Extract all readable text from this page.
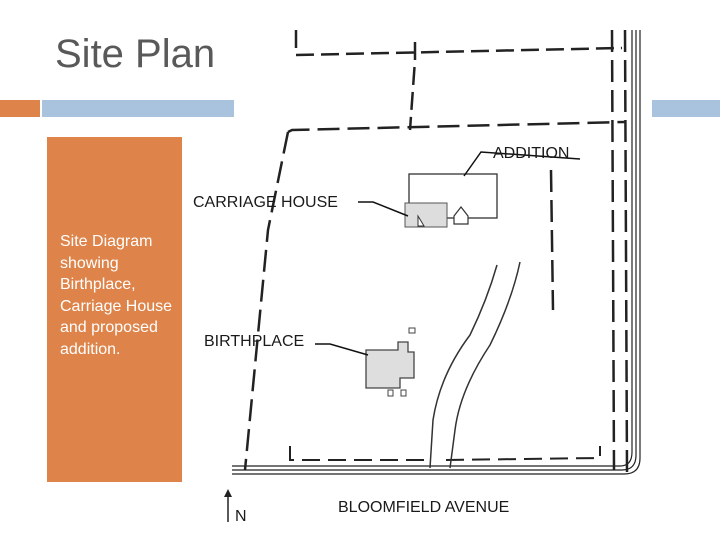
Site Plan
Site Diagram showing Birthplace, Carriage House and proposed addition.
ADDITION
CARRIAGE HOUSE
BIRTHPLACE
N
BLOOMFIELD AVENUE
